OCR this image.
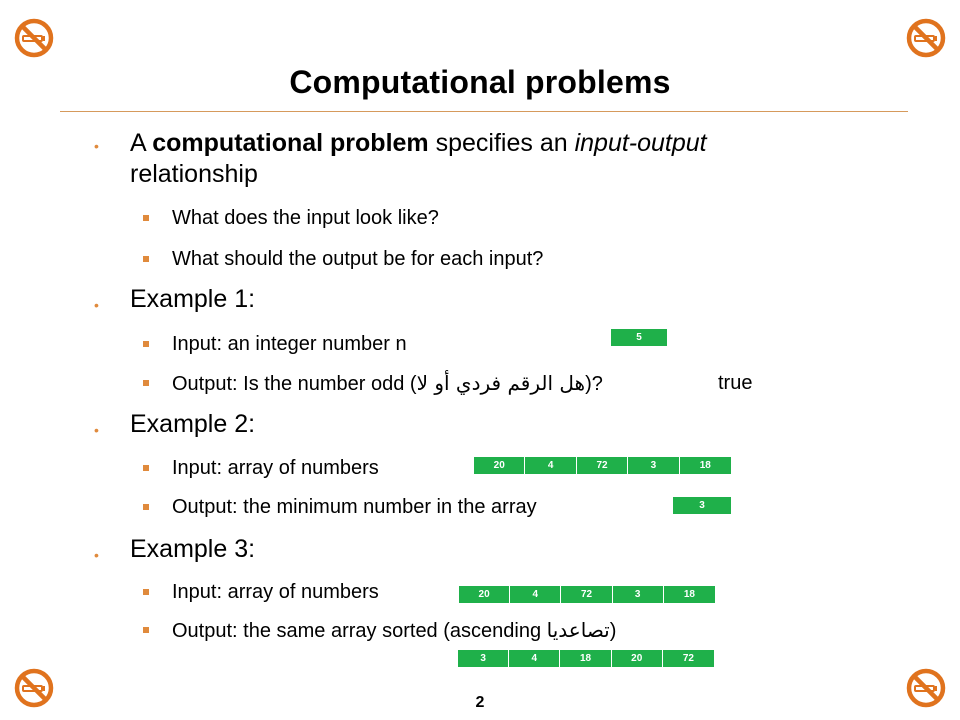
Computational problems
• A computational problem specifies an input-output
relationship
What does the input look like?
What should the output be for each input?
• Example 1:
Input: an integer number n	5
Output: Is the number odd (هل الرقم فردي أو لا)?	true
• Example 2:
Input: array of numbers	20	4	72	3	18
Output: the minimum number in the array	3
• Example 3:
Input: array of numbers	20	4	72	3	18
Output: the same array sorted (ascending تصاعديا)
3	4	18	20	72
2
